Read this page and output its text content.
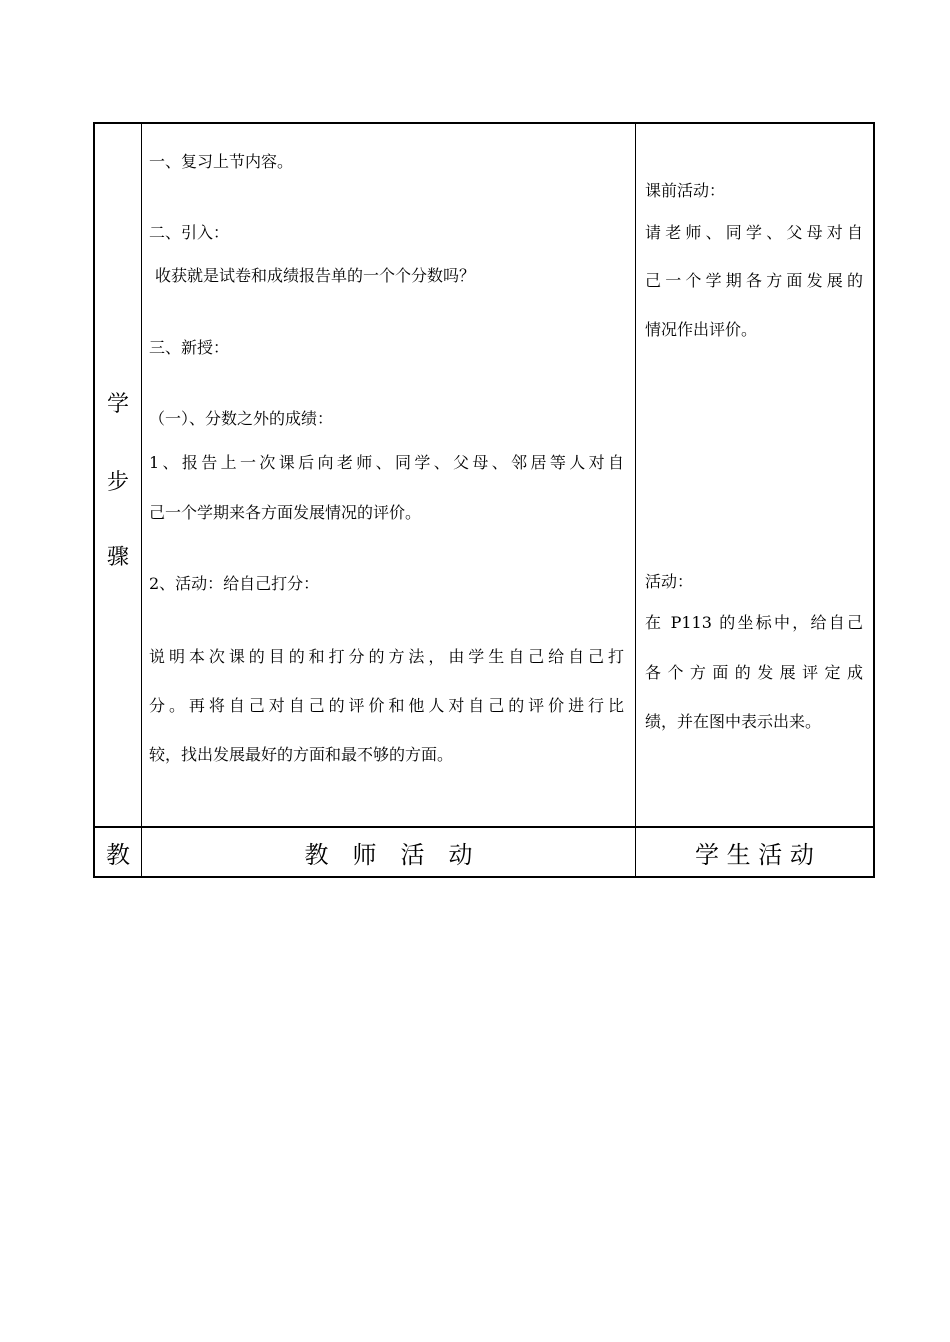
学
步
骤
一、复习上节内容。
二、引入：
收获就是试卷和成绩报告单的一个个分数吗？
三、新授：
（一）、分数之外的成绩：
1、报告上一次课后向老师、同学、父母、邻居等人对自
己一个学期来各方面发展情况的评价。
2、活动：给自己打分：
说明本次课的目的和打分的方法，由学生自己给自己打
分。再将自己对自己的评价和他人对自己的评价进行比
较，找出发展最好的方面和最不够的方面。
课前活动：
请老师、同学、父母对自
己一个学期各方面发展的
情况作出评价。
活动：
在 P113 的坐标中，给自己
各个方面的发展评定成
绩，并在图中表示出来。
教	教　师　活　动	学 生 活 动
